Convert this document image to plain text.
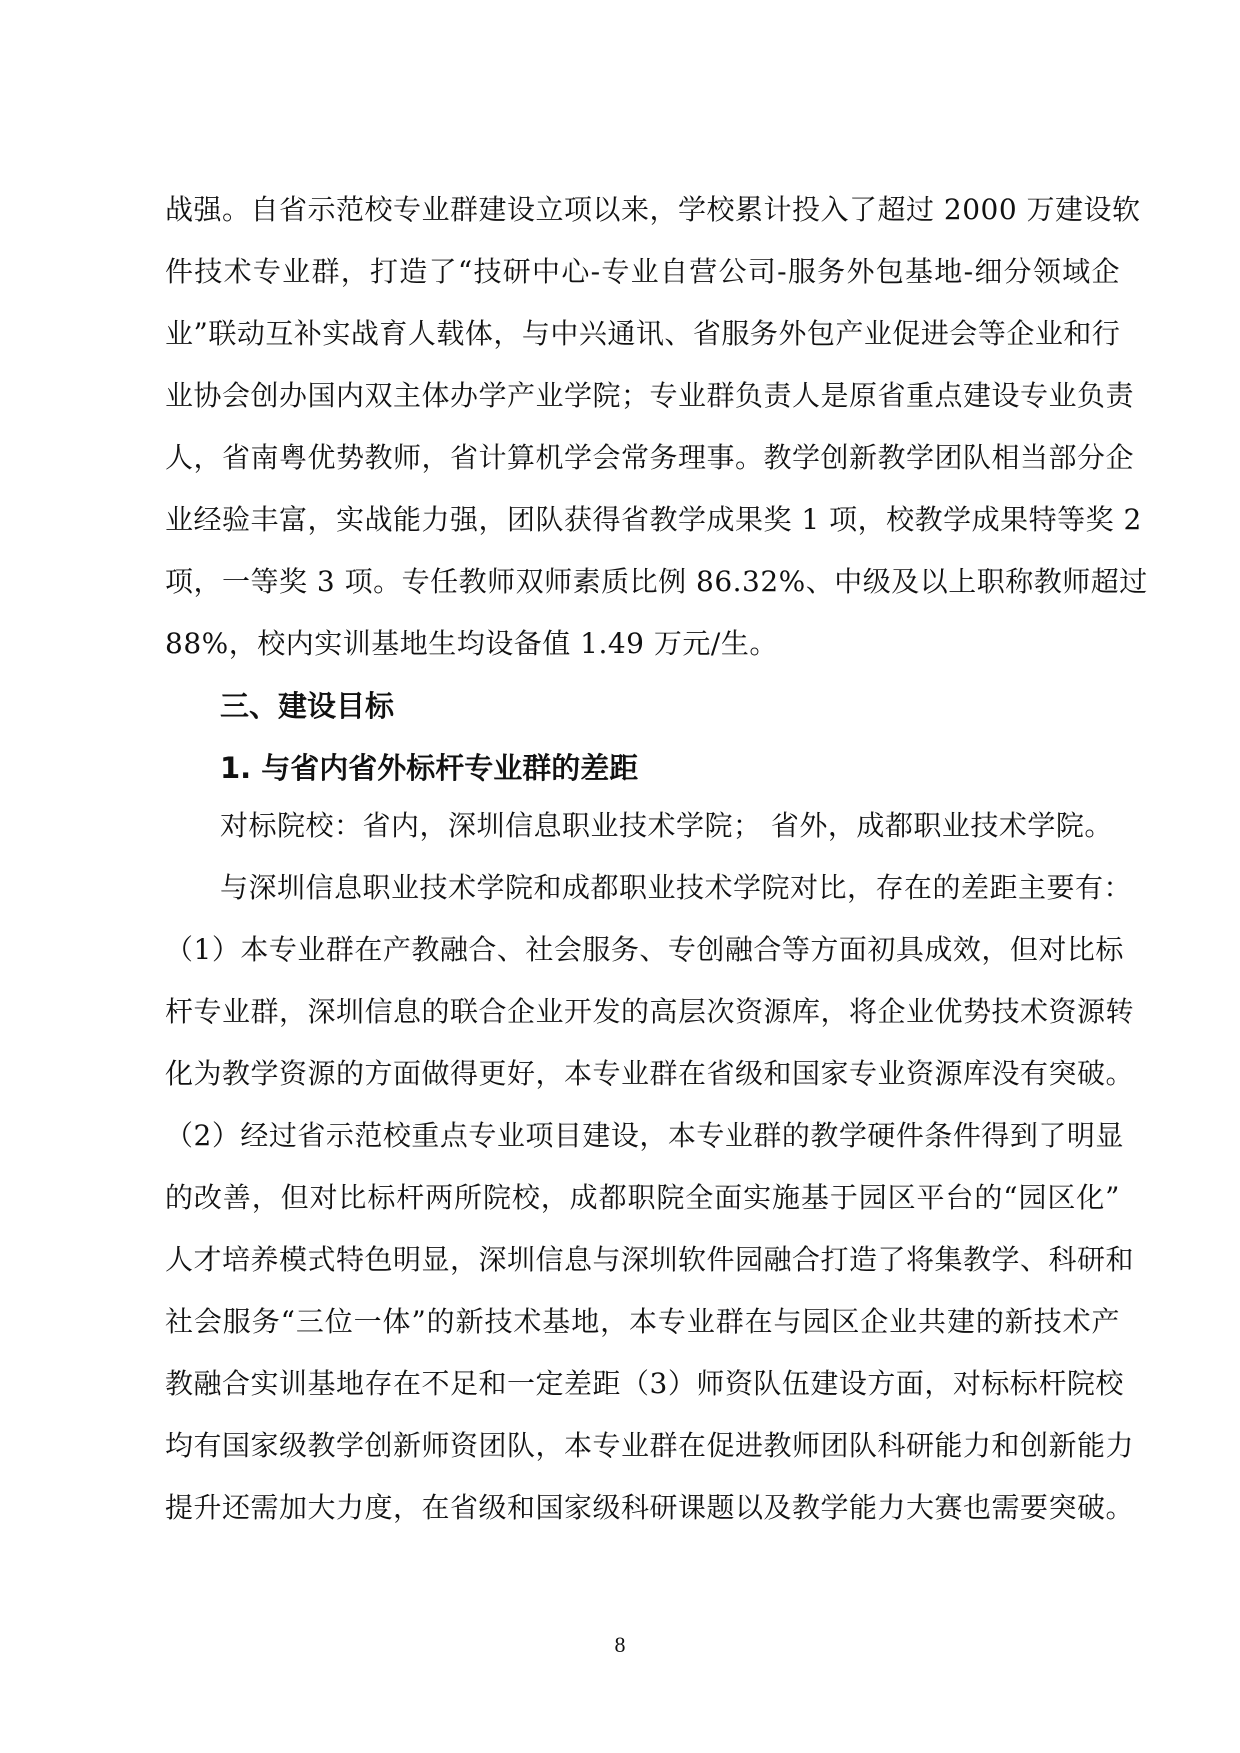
战强。自省示范校专业群建设立项以来，学校累计投入了超过 2000 万建设软
件技术专业群，打造了“技研中心-专业自营公司-服务外包基地-细分领域企
业”联动互补实战育人载体，与中兴通讯、省服务外包产业促进会等企业和行
业协会创办国内双主体办学产业学院；专业群负责人是原省重点建设专业负责
人，省南粤优势教师，省计算机学会常务理事。教学创新教学团队相当部分企
业经验丰富，实战能力强，团队获得省教学成果奖 1 项，校教学成果特等奖 2
项，一等奖 3 项。专任教师双师素质比例 86.32%、中级及以上职称教师超过
88%，校内实训基地生均设备值 1.49 万元/生。
三、建设目标
1. 与省内省外标杆专业群的差距
对标院校：省内，深圳信息职业技术学院； 省外，成都职业技术学院。
与深圳信息职业技术学院和成都职业技术学院对比，存在的差距主要有：
（1）本专业群在产教融合、社会服务、专创融合等方面初具成效，但对比标
杆专业群，深圳信息的联合企业开发的高层次资源库，将企业优势技术资源转
化为教学资源的方面做得更好，本专业群在省级和国家专业资源库没有突破。
（2）经过省示范校重点专业项目建设，本专业群的教学硬件条件得到了明显
的改善，但对比标杆两所院校，成都职院全面实施基于园区平台的“园区化”
人才培养模式特色明显，深圳信息与深圳软件园融合打造了将集教学、科研和
社会服务“三位一体”的新技术基地，本专业群在与园区企业共建的新技术产
教融合实训基地存在不足和一定差距（3）师资队伍建设方面，对标标杆院校
均有国家级教学创新师资团队，本专业群在促进教师团队科研能力和创新能力
提升还需加大力度，在省级和国家级科研课题以及教学能力大赛也需要突破。
8
